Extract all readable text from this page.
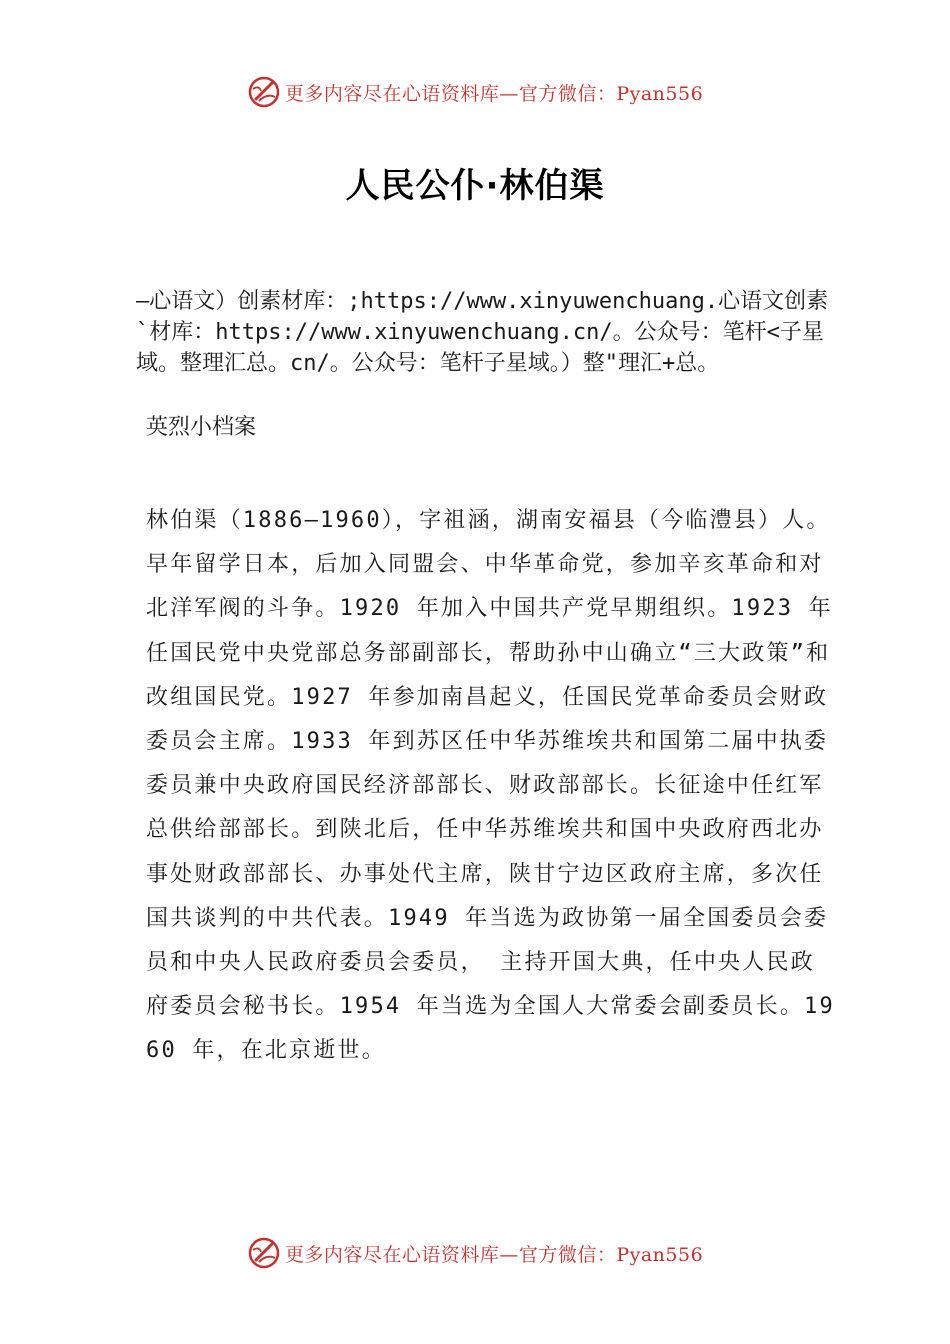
更多内容尽在心语资料库—官方微信：Pyan556
人民公仆·林伯渠

—心语文）创素材库：;https://www.xinyuwenchuang.心语文创素`材库：https://www.xinyuwenchuang.cn/。公众号：笔杆<子星域。整理汇总。cn/。公众号：笔杆子星域。）整"理汇+总。

英烈小档案

林伯渠（1886—1960），字祖涵，湖南安福县（今临澧县）人。早年留学日本，后加入同盟会、中华革命党，参加辛亥革命和对北洋军阀的斗争。1920 年加入中国共产党早期组织。1923 年任国民党中央党部总务部副部长，帮助孙中山确立“三大政策”和改组国民党。1927 年参加南昌起义，任国民党革命委员会财政委员会主席。1933 年到苏区任中华苏维埃共和国第二届中执委委员兼中央政府国民经济部部长、财政部部长。长征途中任红军总供给部部长。到陕北后，任中华苏维埃共和国中央政府西北办事处财政部部长、办事处代主席，陕甘宁边区政府主席，多次任国共谈判的中共代表。1949 年当选为政协第一届全国委员会委员和中央人民政府委员会委员， 主持开国大典，任中央人民政府委员会秘书长。1954 年当选为全国人大常委会副委员长。1960 年，在北京逝世。

更多内容尽在心语资料库—官方微信：Pyan556
